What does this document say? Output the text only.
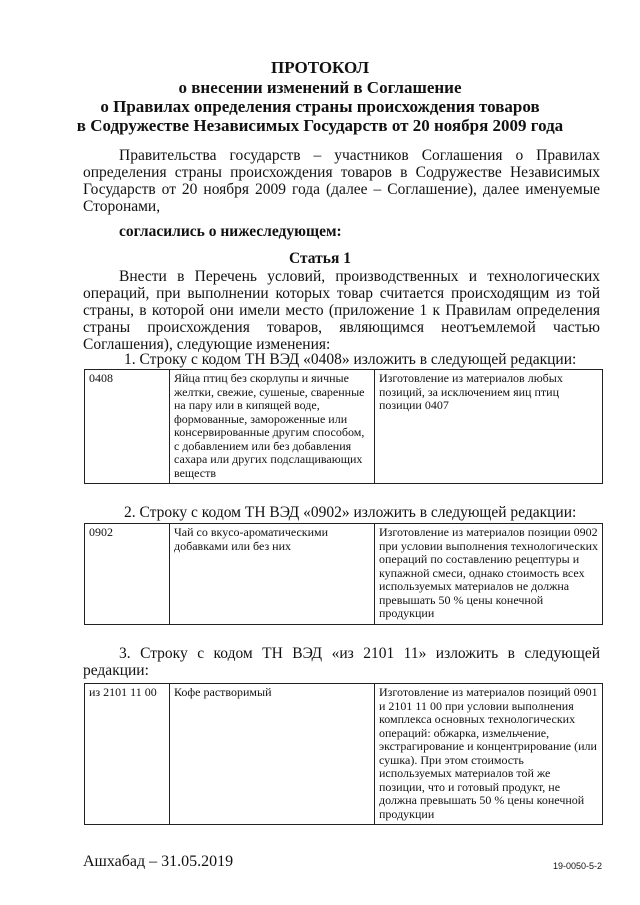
ПРОТОКОЛ
о внесении изменений в Соглашение
о Правилах определения страны происхождения товаров
в Содружестве Независимых Государств от 20 ноября 2009 года

Правительства государств – участников Соглашения о Правилах определения страны происхождения товаров в Содружестве Независимых Государств от 20 ноября 2009 года (далее – Соглашение), далее именуемые Сторонами,

согласились о нижеследующем:
Статья 1

Внести в Перечень условий, производственных и технологических операций, при выполнении которых товар считается происходящим из той страны, в которой они имели место (приложение 1 к Правилам определения страны происхождения товаров, являющимся неотъемлемой частью Соглашения), следующие изменения:

1. Строку с кодом ТН ВЭД «0408» изложить в следующей редакции:
0408	Яйца птиц без скорлупы и яичные желтки, свежие, сушеные, сваренные на пару или в кипящей воде, формованные, замороженные или консервированные другим способом, с добавлением или без добавления сахара или других подслащивающих веществ	Изготовление из материалов любых позиций, за исключением яиц птиц позиции 0407
2. Строку с кодом ТН ВЭД «0902» изложить в следующей редакции:
0902	Чай со вкусо-ароматическими добавками или без них	Изготовление из материалов позиции 0902 при условии выполнения технологических операций по составлению рецептуры и купажной смеси, однако стоимость всех используемых материалов не должна превышать 50 % цены конечной продукции

3. Строку с кодом ТН ВЭД «из 2101 11» изложить в следующей редакции:

из 2101 11 00	Кофе растворимый	Изготовление из материалов позиций 0901 и 2101 11 00 при условии выполнения комплекса основных технологических операций: обжарка, измельчение, экстрагирование и концентрирование (или сушка). При этом стоимость используемых материалов той же позиции, что и готовый продукт, не должна превышать 50 % цены конечной продукции
Ашхабад – 31.05.2019	19-0050-5-2
